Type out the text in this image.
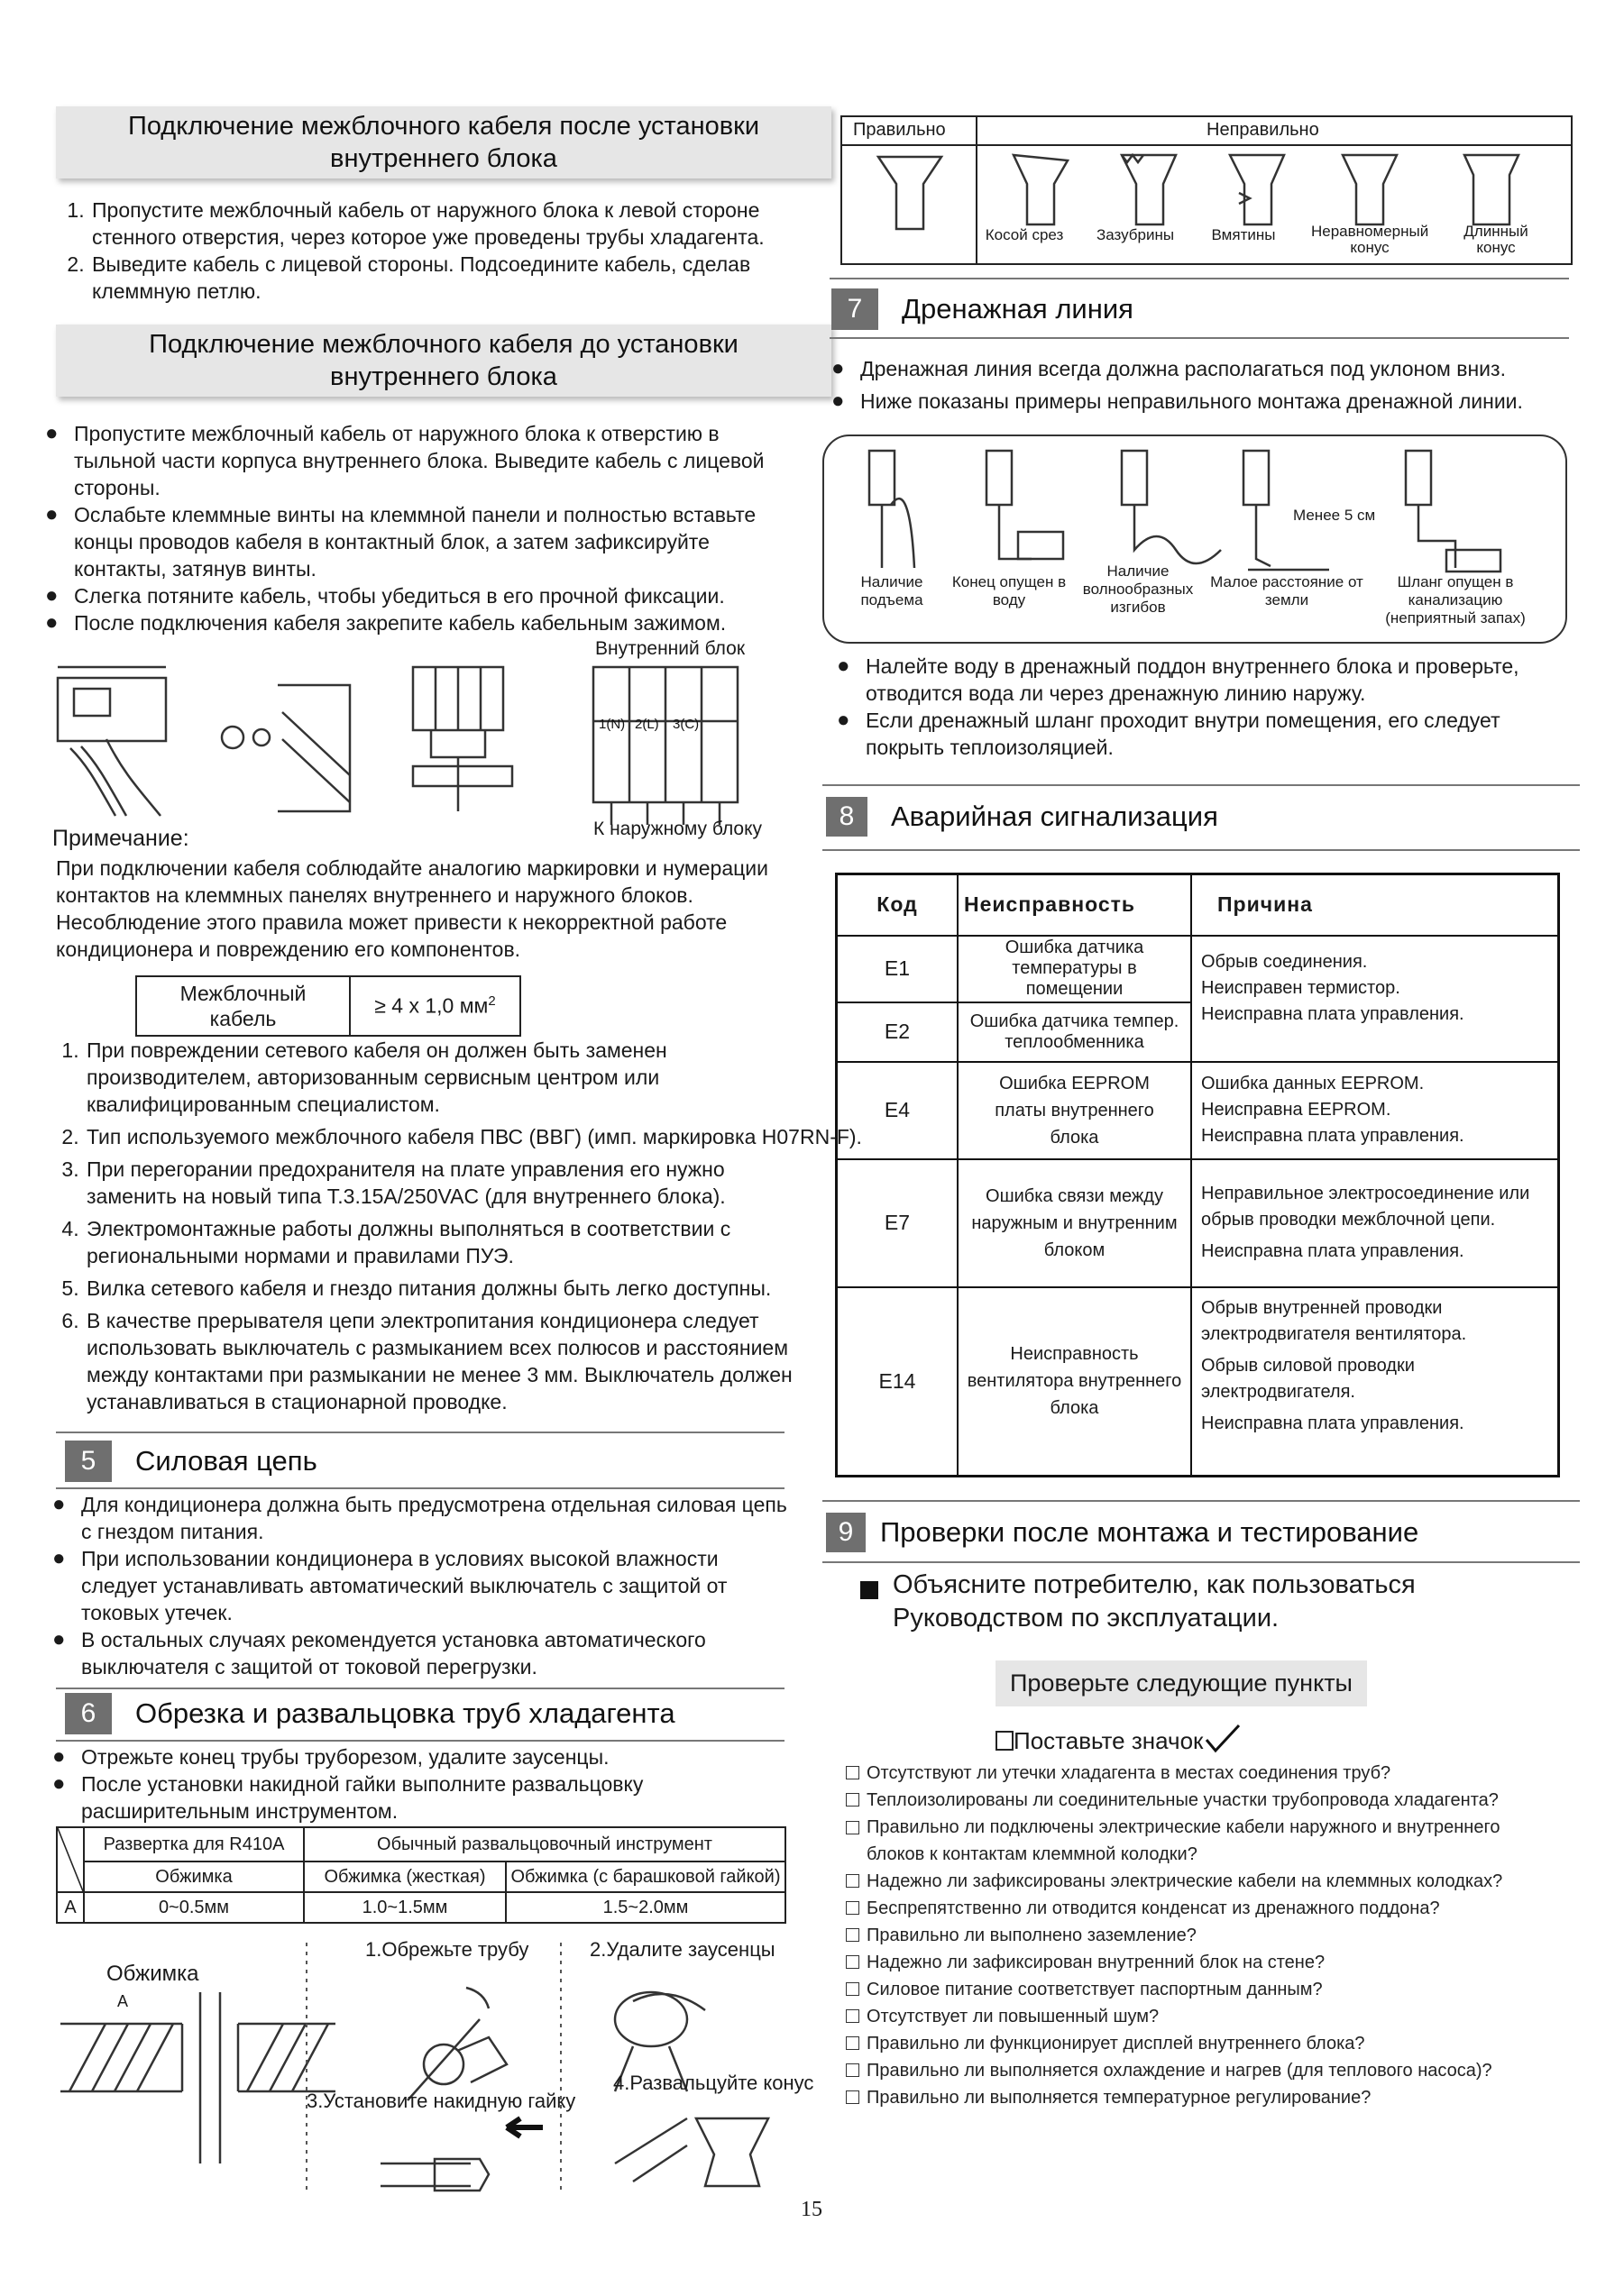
Подключение межблочного кабеля после установки внутреннего блока
1. Пропустите межблочный кабель от наружного блока к левой стороне стенного отверстия, через которое уже проведены трубы хладагента.
2. Выведите кабель с лицевой стороны. Подсоедините кабель, сделав клеммную петлю.
Подключение межблочного кабеля до установки внутреннего блока
● Пропустите межблочный кабель от наружного блока к отверстию в тыльной части корпуса внутреннего блока. Выведите кабель с лицевой стороны.
● Ослабьте клеммные винты на клеммной панели и полностью вставьте концы проводов кабеля в контактный блок, а затем зафиксируйте контакты, затянув винты.
● Слегка потяните кабель, чтобы убедиться в его прочной фиксации.
● После подключения кабеля закрепите кабель кабельным зажимом.
1(N) 2(L) 3(C)
Внутренний блок
К наружному блоку
Примечание:
При подключении кабеля соблюдайте аналогию маркировки и нумерации контактов на клеммных панелях внутреннего и наружного блоков. Несоблюдение этого правила может привести к некорректной работе кондиционера и повреждению его компонентов.
Межблочный кабель	≥ 4 x 1,0 $мм^2$
1. При повреждении сетевого кабеля он должен быть заменен производителем, авторизованным сервисным центром или квалифицированным специалистом.
2. Тип используемого межблочного кабеля ПВС (ВВГ) (имп. маркировка H07RN-F).
3. При перегорании предохранителя на плате управления его нужно заменить на новый типа Т.3.15A/250VAC (для внутреннего блока).
4. Электромонтажные работы должны выполняться в соответствии с региональными нормами и правилами ПУЭ.
5. Вилка сетевого кабеля и гнездо питания должны быть легко доступны.
6. В качестве прерывателя цепи электропитания кондиционера следует использовать выключатель с размыканием всех полюсов и расстоянием между контактами при размыкании не менее 3 мм. Выключатель должен устанавливаться в стационарной проводке.
5	Силовая цепь
● Для кондиционера должна быть предусмотрена отдельная силовая цепь с гнездом питания.
● При использовании кондиционера в условиях высокой влажности следует устанавливать автоматический выключатель с защитой от токовых утечек.
● В остальных случаях рекомендуется установка автоматического выключателя с защитой от токовой перегрузки.
6	Обрезка и развальцовка труб хладагента
● Отрежьте конец трубы труборезом, удалите заусенцы.
● После установки накидной гайки выполните развальцовку расширительным инструментом.
	Развертка для R410A	Обычный развальцовочный инструмент	
	Обжимка	Обжимка (жесткая)	Обжимка (с барашковой гайкой)
A	0~0.5мм	1.0~1.5мм	1.5~2.0мм
Обжимка
A
1.Обрежьте трубу	2.Удалите заусенцы
3.Установите накидную гайку
4.Развальцуйте конус
Правильно	Неправильно
Косой срез	Зазубрины	Вмятины	Неравномерный конус
Длинный конус
7	Дренажная линия
● Дренажная линия всегда должна располагаться под уклоном вниз.
● Ниже показаны примеры неправильного монтажа дренажной линии.
Менее 5 см
Наличие подъема
Конец опущен в воду
Наличие волнообразных изгибов
Малое расстояние от земли
Шланг опущен в канализацию (неприятный запах)
● Налейте воду в дренажный поддон внутреннего блока и проверьте, отводится вода ли через дренажную линию наружу.
● Если дренажный шланг проходит внутри помещения, его следует покрыть теплоизоляцией.
8	Аварийная сигнализация
Код	Неисправность	Причина
E1	Ошибка датчика температуры в помещении	Обрыв соединения.
Неисправен термистор.
Неисправна плата управления.

E2	Ошибка датчика темпер. теплообменника	
E4	Ошибка EEPROM платы внутреннего блока	Ошибка данных EEPROM.
Неисправна EEPROM.
Неисправна плата управления.

E7	Ошибка связи между наружным и внутренним блоком	Неправильное электросоединение или обрыв проводки межблочной цепи.
Неисправна плата управления.

E14	Неисправность вентилятора внутреннего блока	Обрыв внутренней проводки электродвигателя вентилятора.
Обрыв силовой проводки электродвигателя.
Неисправна плата управления.
9 Проверки после монтажа и тестирование
Объясните потребителю, как пользоваться Руководством по эксплуатации.
Проверьте следующие пункты
Поставьте значок
Отсутствуют ли утечки хладагента в местах соединения труб?
Теплоизолированы ли соединительные участки трубопровода хладагента?
Правильно ли подключены электрические кабели наружного и внутреннего блоков к контактам клеммной колодки?
Надежно ли зафиксированы электрические кабели на клеммных колодках?
Беспрепятственно ли отводится конденсат из дренажного поддона?
Правильно ли выполнено заземление?
Надежно ли зафиксирован внутренний блок на стене?
Силовое питание соответствует паспортным данным?
Отсутствует ли повышенный шум?
Правильно ли функционирует дисплей внутреннего блока?
Правильно ли выполняется охлаждение и нагрев (для теплового насоса)?
Правильно ли выполняется температурное регулирование?
15
